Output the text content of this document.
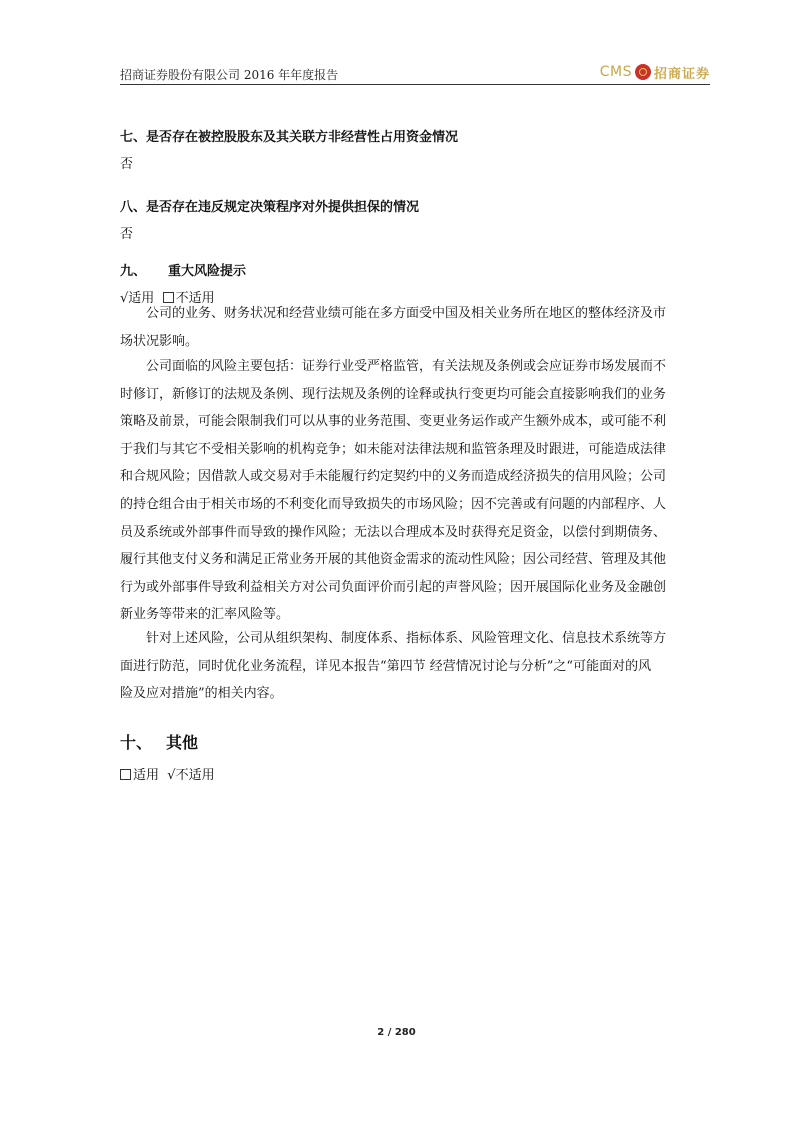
招商证券股份有限公司 2016 年年度报告	CMS 招商证券
七、是否存在被控股股东及其关联方非经营性占用资金情况
否
八、是否存在违反规定决策程序对外提供担保的情况
否
九、 重大风险提示
√适用 不适用
公司的业务、财务状况和经营业绩可能在多方面受中国及相关业务所在地区的整体经济及市
场状况影响。
公司面临的风险主要包括：证券行业受严格监管，有关法规及条例或会应证券市场发展而不
时修订，新修订的法规及条例、现行法规及条例的诠释或执行变更均可能会直接影响我们的业务
策略及前景，可能会限制我们可以从事的业务范围、变更业务运作或产生额外成本，或可能不利
于我们与其它不受相关影响的机构竞争；如未能对法律法规和监管条理及时跟进，可能造成法律
和合规风险；因借款人或交易对手未能履行约定契约中的义务而造成经济损失的信用风险；公司
的持仓组合由于相关市场的不利变化而导致损失的市场风险；因不完善或有问题的内部程序、人
员及系统或外部事件而导致的操作风险；无法以合理成本及时获得充足资金，以偿付到期债务、
履行其他支付义务和满足正常业务开展的其他资金需求的流动性风险；因公司经营、管理及其他
行为或外部事件导致利益相关方对公司负面评价而引起的声誉风险；因开展国际化业务及金融创
新业务等带来的汇率风险等。
针对上述风险，公司从组织架构、制度体系、指标体系、风险管理文化、信息技术系统等方
面进行防范，同时优化业务流程，详见本报告“第四节 经营情况讨论与分析”之“可能面对的风
险及应对措施”的相关内容。
十、 其他
适用 √不适用
2 / 280
